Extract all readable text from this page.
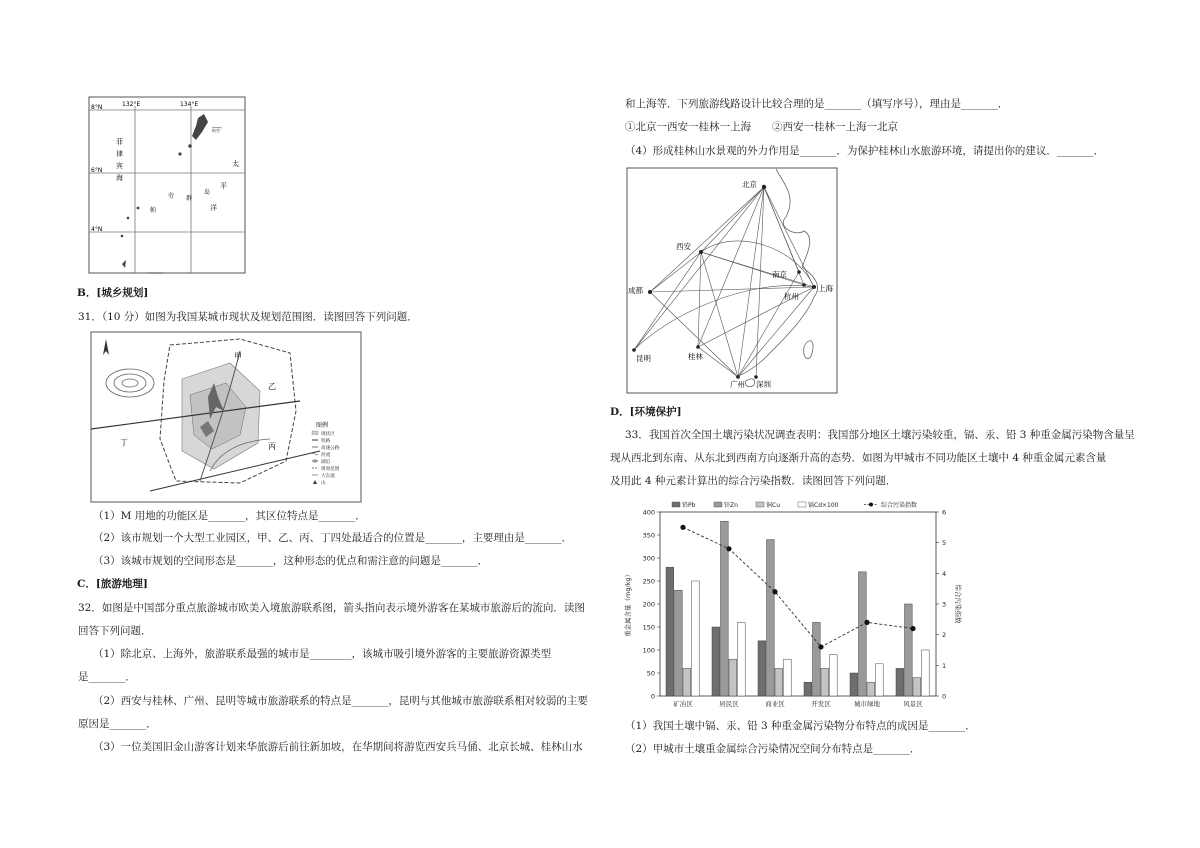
132°E	134°E
8°N
6°N
4°N
菲
律
宾
海
帕
劳 群
岛
太
平
洋
帕劳
B．[城乡规划]
31．（10 分）如图为我国某城市现状及规划范围图．读图回答下列问题．
甲
乙
丙
丁
图例
现状区
铁路
高速公路
河流
湖泊
规划范围
大东流
山
（1）M 用地的功能区是_______，其区位特点是_______．
（2）该市规划一个大型工业园区，甲、乙、丙、丁四处最适合的位置是_______，主要理由是_______．
（3）该城市规划的空间形态是_______，这种形态的优点和需注意的问题是_______．
C．[旅游地理]
32．如图是中国部分重点旅游城市欧美入境旅游联系图，箭头指向表示境外游客在某城市旅游后的流向．读图
回答下列问题．
（1）除北京、上海外，旅游联系最强的城市是________，该城市吸引境外游客的主要旅游资源类型
是_______．
（2）西安与桂林、广州、昆明等城市旅游联系的特点是_______，昆明与其他城市旅游联系相对较弱的主要
原因是_______．
（3）一位美国旧金山游客计划来华旅游后前往新加坡，在华期间将游览西安兵马俑、北京长城、桂林山水
和上海等．下列旅游线路设计比较合理的是_______（填写序号），理由是_______．
①北京一西安一桂林一上海　　②西安一桂林一上海一北京
（4）形成桂林山水景观的外力作用是_______．为保护桂林山水旅游环境，请提出你的建议．_______．
北京
西安
成都
南京
杭州
上海
昆明	桂林
广州 深圳
D．[环境保护]
33．我国首次全国土壤污染状况调查表明：我国部分地区土壤污染较重，镉、汞、铅 3 种重金属污染物含量呈
现从西北到东南、从东北到西南方向逐渐升高的态势．如图为甲城市不同功能区土壤中 4 种重金属元素含量
及用此 4 种元素计算出的综合污染指数．读图回答下列问题．
0
50
100
150
200
250
300
350
400
0
1
2
3
4
5
6
重金属含量（mg/kg）	综合污染指数
矿冶区	居民区	商业区	开发区	城市绿地	风景区
铅Pb	锌Zn	铜Cu	镉Cd×100	综合污染指数
（1）我国土壤中镉、汞、铅 3 种重金属污染物分布特点的成因是_______．
（2）甲城市土壤重金属综合污染情况空间分布特点是_______．
